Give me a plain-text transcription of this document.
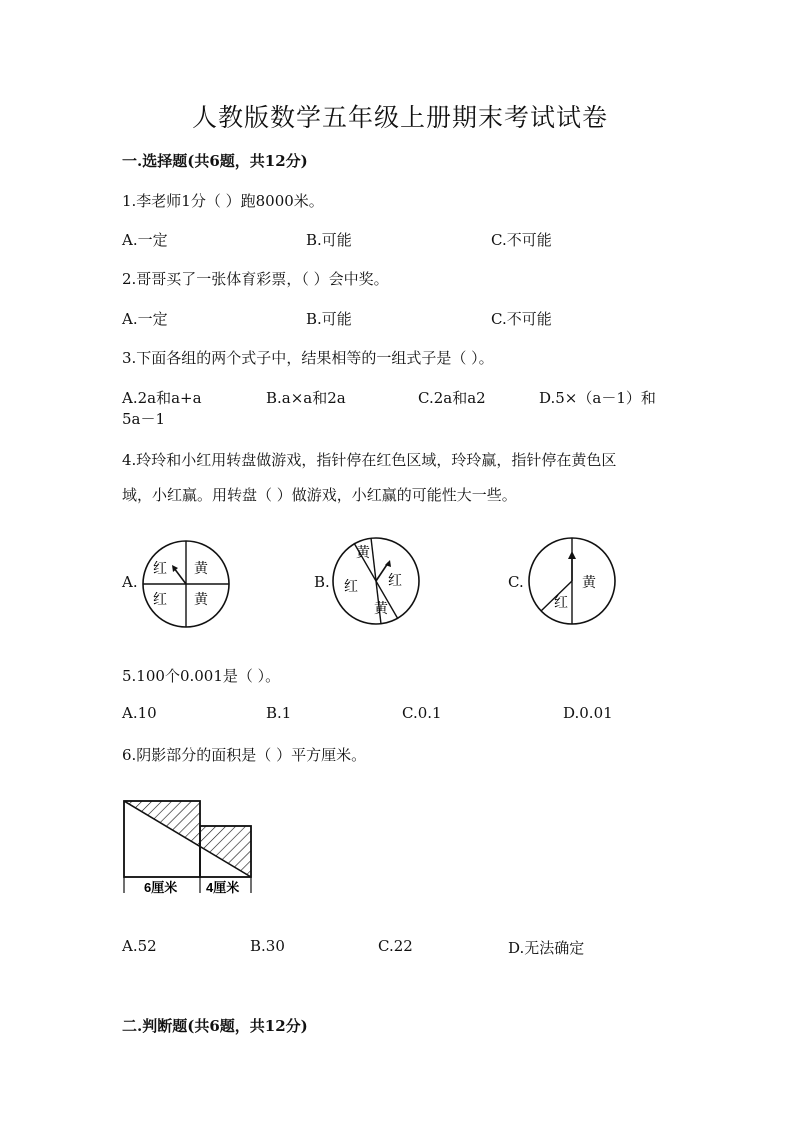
人教版数学五年级上册期末考试试卷
一.选择题(共6题，共12分)
1.李老师1分（ ）跑8000米。
A.一定	B.可能	C.不可能
2.哥哥买了一张体育彩票，（ ）会中奖。
A.一定	B.可能	C.不可能
3.下面各组的两个式子中，结果相等的一组式子是（ ）。
A.2a和a+a	B.a×a和2a	C.2a和a2	D.5×（a－1）和
5a－1
4.玲玲和小红用转盘做游戏，指针停在红色区域，玲玲赢，指针停在黄色区
域，小红赢。用转盘（ ）做游戏，小红赢的可能性大一些。
A.
红 黄
红 黄
B.
黄
红 红
黄
C.	黄
红
5.100个0.001是（ ）。
A.10	B.1	C.0.1	D.0.01
6.阴影部分的面积是（ ）平方厘米。
6厘米 4厘米
A.52	B.30	C.22	D.无法确定
二.判断题(共6题，共12分)
